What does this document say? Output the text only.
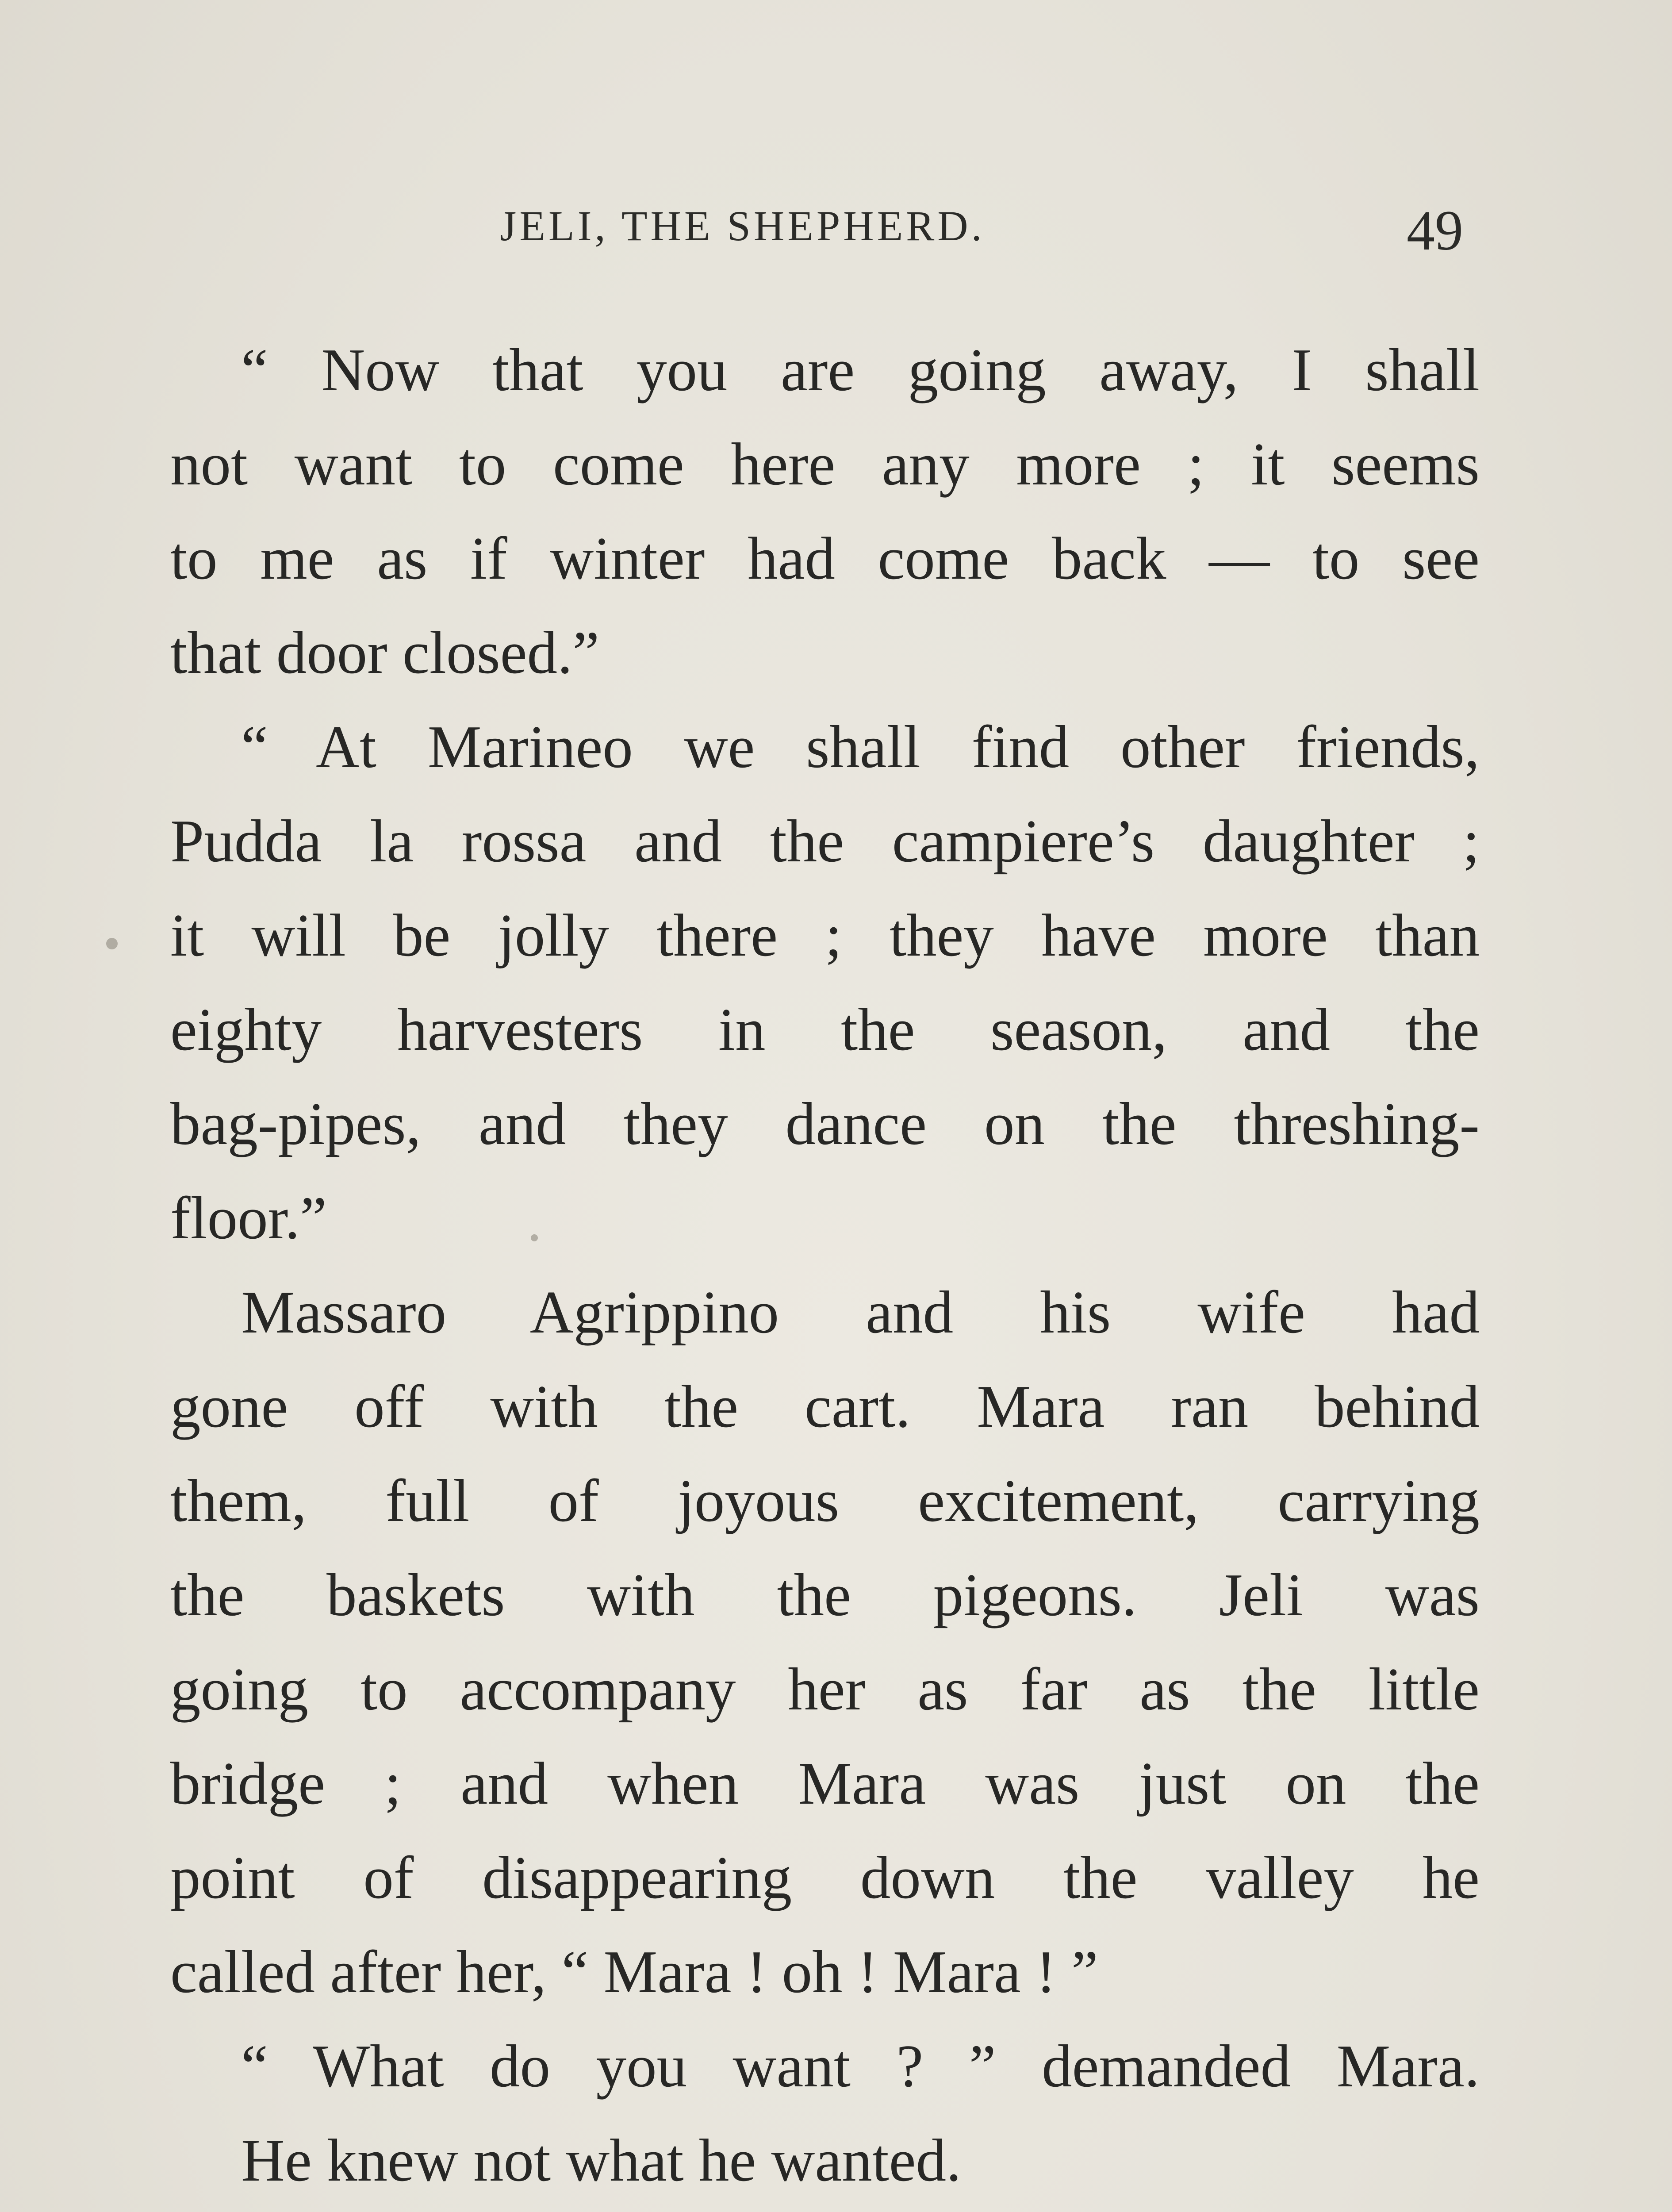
JELI, THE SHEPHERD.	49
“ Now that you are going away, I shall
not want to come here any more ; it seems
to me as if winter had come back — to see
that door closed.”
“ At Marineo we shall find other friends,
Pudda la rossa and the campiere’s daughter ;
it will be jolly there ; they have more than
eighty harvesters in the season, and the
bag-pipes, and they dance on the threshing-
floor.”
Massaro Agrippino and his wife had
gone off with the cart. Mara ran behind
them, full of joyous excitement, carrying
the baskets with the pigeons. Jeli was
going to accompany her as far as the little
bridge ; and when Mara was just on the
point of disappearing down the valley he
called after her, “ Mara ! oh ! Mara ! ”
“ What do you want ? ” demanded Mara.
He knew not what he wanted.
